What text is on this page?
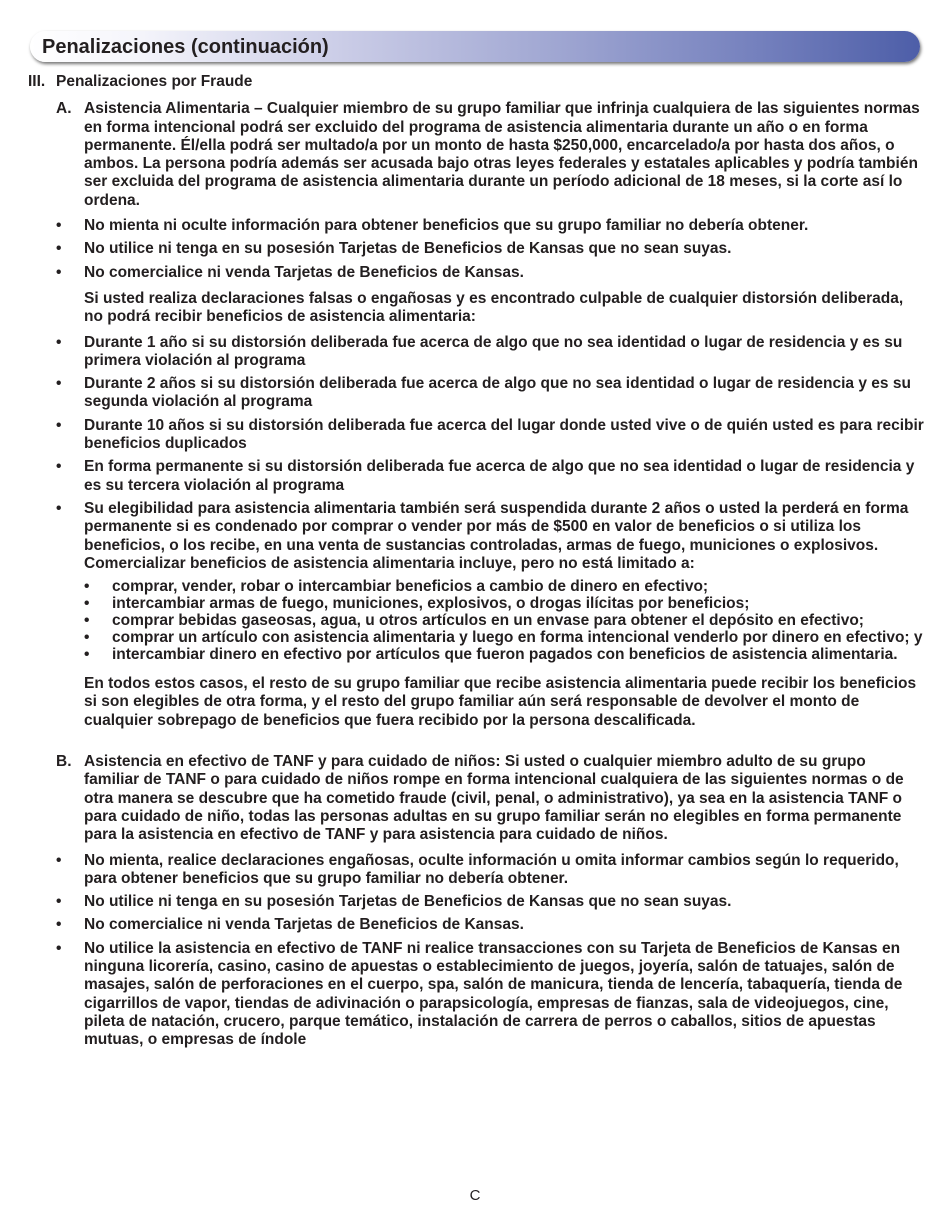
Penalizaciones (continuación)
III. Penalizaciones por Fraude
A. Asistencia Alimentaria – Cualquier miembro de su grupo familiar que infrinja cualquiera de las siguientes normas en forma intencional podrá ser excluido del programa de asistencia alimentaria durante un año o en forma permanente. Él/ella podrá ser multado/a por un monto de hasta $250,000, encarcelado/a por hasta dos años, o ambos. La persona podría además ser acusada bajo otras leyes federales y estatales aplicables y podría también ser excluida del programa de asistencia alimentaria durante un período adicional de 18 meses, si la corte así lo ordena.

•	No mienta ni oculte información para obtener beneficios que su grupo familiar no debería obtener.
•	No utilice ni tenga en su posesión Tarjetas de Beneficios de Kansas que no sean suyas.
•	No comercialice ni venda Tarjetas de Beneficios de Kansas.

Si usted realiza declaraciones falsas o engañosas y es encontrado culpable de cualquier distorsión deliberada, no podrá recibir beneficios de asistencia alimentaria:

•	Durante 1 año si su distorsión deliberada fue acerca de algo que no sea identidad o lugar de residencia y es su primera violación al programa
•	Durante 2 años si su distorsión deliberada fue acerca de algo que no sea identidad o lugar de residencia y es su segunda violación al programa
•	Durante 10 años si su distorsión deliberada fue acerca del lugar donde usted vive o de quién usted es para recibir beneficios duplicados
•	En forma permanente si su distorsión deliberada fue acerca de algo que no sea identidad o lugar de residencia y es su tercera violación al programa
•	Su elegibilidad para asistencia alimentaria también será suspendida durante 2 años o usted la perderá en forma permanente si es condenado por comprar o vender por más de $500 en valor de beneficios o si utiliza los beneficios, o los recibe, en una venta de sustancias controladas, armas de fuego, municiones o explosivos. Comercializar beneficios de asistencia alimentaria incluye, pero no está limitado a:
•	comprar, vender, robar o intercambiar beneficios a cambio de dinero en efectivo;
•	intercambiar armas de fuego, municiones, explosivos, o drogas ilícitas por beneficios;
•	comprar bebidas gaseosas, agua, u otros artículos en un envase para obtener el depósito en efectivo;
•	comprar un artículo con asistencia alimentaria y luego en forma intencional venderlo por dinero en efectivo; y
•	intercambiar dinero en efectivo por artículos que fueron pagados con beneficios de asistencia alimentaria.

En todos estos casos, el resto de su grupo familiar que recibe asistencia alimentaria puede recibir los beneficios si son elegibles de otra forma, y el resto del grupo familiar aún será responsable de devolver el monto de cualquier sobrepago de beneficios que fuera recibido por la persona descalificada.

B. Asistencia en efectivo de TANF y para cuidado de niños: Si usted o cualquier miembro adulto de su grupo familiar de TANF o para cuidado de niños rompe en forma intencional cualquiera de las siguientes normas o de otra manera se descubre que ha cometido fraude (civil, penal, o administrativo), ya sea en la asistencia TANF o para cuidado de niño, todas las personas adultas en su grupo familiar serán no elegibles en forma permanente para la asistencia en efectivo de TANF y para asistencia para cuidado de niños.

•	No mienta, realice declaraciones engañosas, oculte información u omita informar cambios según lo requerido, para obtener beneficios que su grupo familiar no debería obtener.
•	No utilice ni tenga en su posesión Tarjetas de Beneficios de Kansas que no sean suyas.
•	No comercialice ni venda Tarjetas de Beneficios de Kansas.
•	No utilice la asistencia en efectivo de TANF ni realice transacciones con su Tarjeta de Beneficios de Kansas en ninguna licorería, casino, casino de apuestas o establecimiento de juegos, joyería, salón de tatuajes, salón de masajes, salón de perforaciones en el cuerpo, spa, salón de manicura, tienda de lencería, tabaquería, tienda de cigarrillos de vapor, tiendas de adivinación o parapsicología, empresas de fianzas, sala de videojuegos, cine, pileta de natación, crucero, parque temático, instalación de carrera de perros o caballos, sitios de apuestas mutuas, o empresas de índole
C
